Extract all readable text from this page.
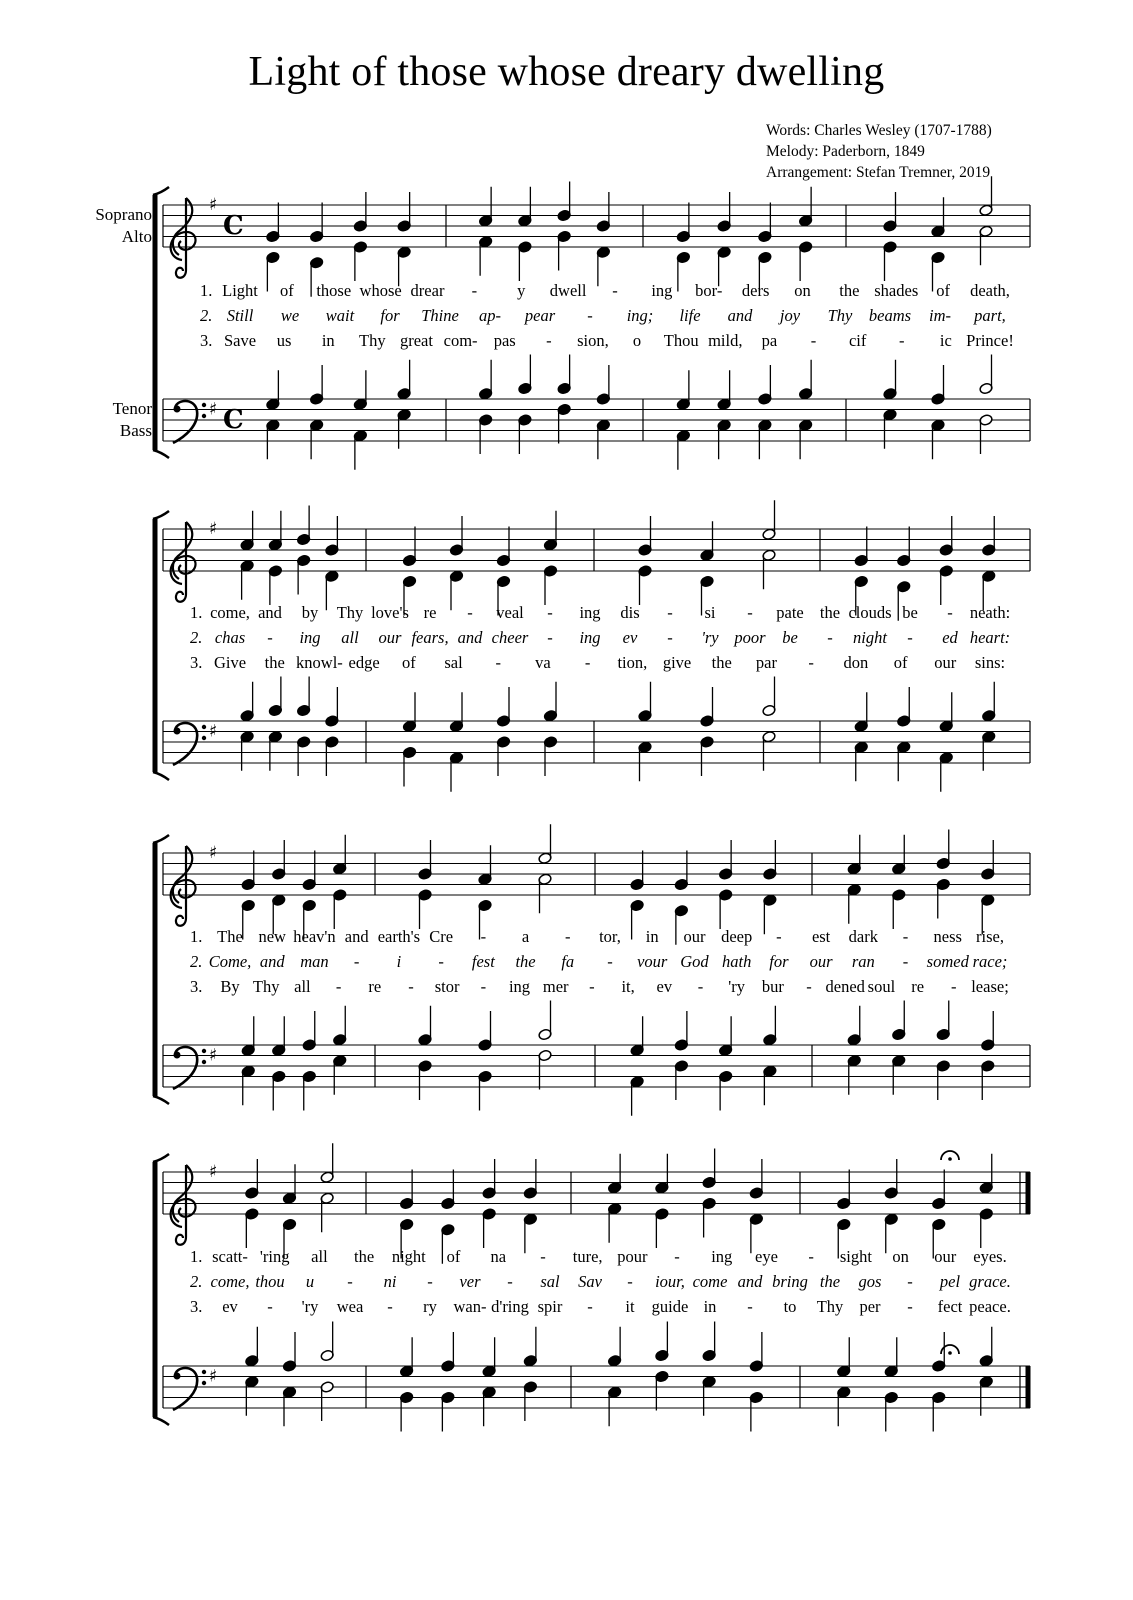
Light of those whose dreary dwelling
Words: Charles Wesley (1707-1788)
Melody: Paderborn, 1849
Arrangement: Stefan Tremner, 2019
Soprano
Alto
Tenor
Bass
♯
C
♯ C
♯
♯
♯
♯
♯
♯
1. Light of those whose drear - y dwell - ing bor- ders on the shades of death,
2. Still we wait for Thine ap- pear - ing; life and joy Thy beams im- part,
3. Save us in Thy great com- pas - sion, o Thou mild, pa - cif - ic Prince!
1. come, and by Thy love's re - veal - ing dis - si - pate the clouds be - neath:
2. chas - ing all our fears, and cheer - ing ev - 'ry poor be - night - ed heart:
3. Give the knowl- edge of sal - va - tion, give the par - don of our sins:
1. The new heav'n and earth's Cre - a - tor, in our deep - est dark - ness rise,
2. Come, and man - i - fest the fa - vour God hath for our ran - somed race;
3. By Thy all - re - stor - ing mer - it, ev - 'ry bur - dened soul re - lease;
1. scatt- 'ring all the night of na - ture, pour - ing eye - sight on our eyes.
2. come, thou u - ni - ver - sal Sav - iour, come and bring the gos - pel grace.
3. ev - 'ry wea - ry wan- d'ring spir - it guide in - to Thy per - fect peace.
